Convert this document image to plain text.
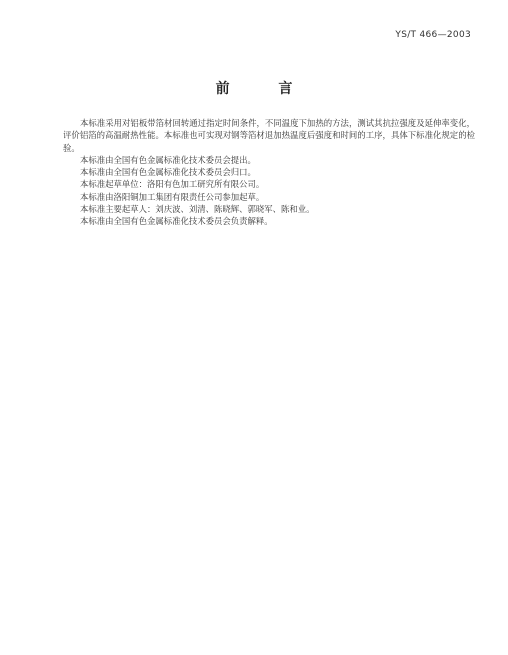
YS/T 466—2003
前 言

本标准采用对铝板带箔材回转通过指定时间条件，不同温度下加热的方法，测试其抗拉强度及延伸率变化，评价铝箔的高温耐热性能。本标准也可实现对钢等箔材退加热温度后强度和时间的工序，具体下标准化规定的检验。

本标准由全国有色金属标准化技术委员会提出。

本标准由全国有色金属标准化技术委员会归口。

本标准起草单位：洛阳有色加工研究所有限公司。

本标准由洛阳铜加工集团有限责任公司参加起草。

本标准主要起草人：刘庆波、刘清、陈晓辉、郭晓军、陈和业。

本标准由全国有色金属标准化技术委员会负责解释。
